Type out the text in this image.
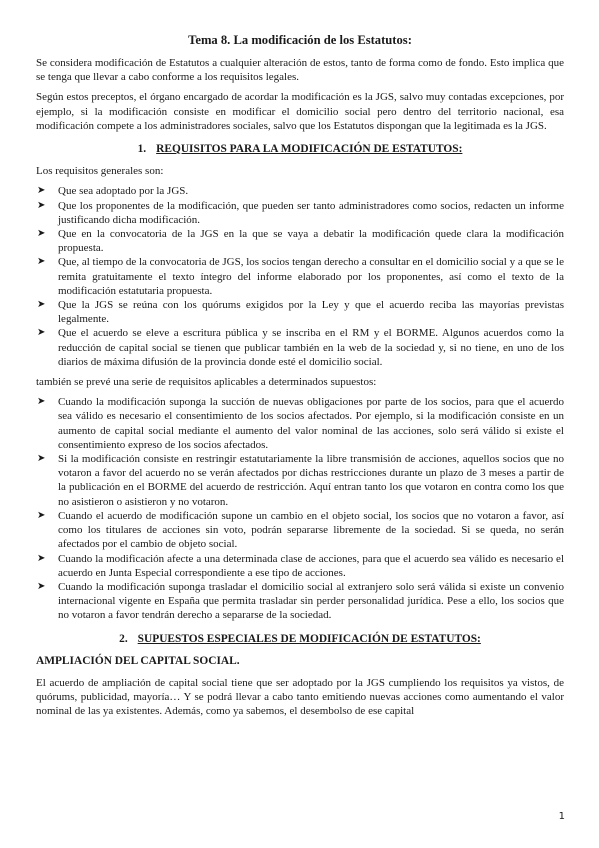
Tema 8. La modificación de los Estatutos:

Se considera modificación de Estatutos a cualquier alteración de estos, tanto de forma como de fondo. Esto implica que se tenga que llevar a cabo conforme a los requisitos legales.

Según estos preceptos, el órgano encargado de acordar la modificación es la JGS, salvo muy contadas excepciones, por ejemplo, si la modificación consiste en modificar el domicilio social pero dentro del territorio nacional, esa modificación compete a los administradores sociales, salvo que los Estatutos dispongan que la legitimada es la JGS.

1. REQUISITOS PARA LA MODIFICACIÓN DE ESTATUTOS:

Los requisitos generales son:

➤ Que sea adoptado por la JGS.
➤ Que los proponentes de la modificación, que pueden ser tanto administradores como socios, redacten un informe justificando dicha modificación.
➤ Que en la convocatoria de la JGS en la que se vaya a debatir la modificación quede clara la modificación propuesta.
➤ Que, al tiempo de la convocatoria de JGS, los socios tengan derecho a consultar en el domicilio social y a que se le remita gratuitamente el texto íntegro del informe elaborado por los proponentes, así como el texto de la modificación estatutaria propuesta.
➤ Que la JGS se reúna con los quórums exigidos por la Ley y que el acuerdo reciba las mayorías previstas legalmente.
➤ Que el acuerdo se eleve a escritura pública y se inscriba en el RM y el BORME. Algunos acuerdos como la reducción de capital social se tienen que publicar también en la web de la sociedad y, si no tiene, en uno de los diarios de máxima difusión de la provincia donde esté el domicilio social.

también se prevé una serie de requisitos aplicables a determinados supuestos:

➤ Cuando la modificación suponga la succión de nuevas obligaciones por parte de los socios, para que el acuerdo sea válido es necesario el consentimiento de los socios afectados. Por ejemplo, si la modificación consiste en un aumento de capital social mediante el aumento del valor nominal de las acciones, solo será válido si existe el consentimiento expreso de los socios afectados.
➤ Si la modificación consiste en restringir estatutariamente la libre transmisión de acciones, aquellos socios que no votaron a favor del acuerdo no se verán afectados por dichas restricciones durante un plazo de 3 meses a partir de la publicación en el BORME del acuerdo de restricción. Aquí entran tanto los que votaron en contra como los que no asistieron o asistieron y no votaron.
➤ Cuando el acuerdo de modificación supone un cambio en el objeto social, los socios que no votaron a favor, así como los titulares de acciones sin voto, podrán separarse libremente de la sociedad. Si se queda, no serán afectados por el cambio de objeto social.
➤ Cuando la modificación afecte a una determinada clase de acciones, para que el acuerdo sea válido es necesario el acuerdo en Junta Especial correspondiente a ese tipo de acciones.
➤ Cuando la modificación suponga trasladar el domicilio social al extranjero solo será válida si existe un convenio internacional vigente en España que permita trasladar sin perder personalidad jurídica. Pese a ello, los socios que no votaron a favor tendrán derecho a separarse de la sociedad.
2. SUPUESTOS ESPECIALES DE MODIFICACIÓN DE ESTATUTOS:
AMPLIACIÓN DEL CAPITAL SOCIAL.

El acuerdo de ampliación de capital social tiene que ser adoptado por la JGS cumpliendo los requisitos ya vistos, de quórums, publicidad, mayoría… Y se podrá llevar a cabo tanto emitiendo nuevas acciones como aumentando el valor nominal de las ya existentes. Además, como ya sabemos, el desembolso de ese capital

1
